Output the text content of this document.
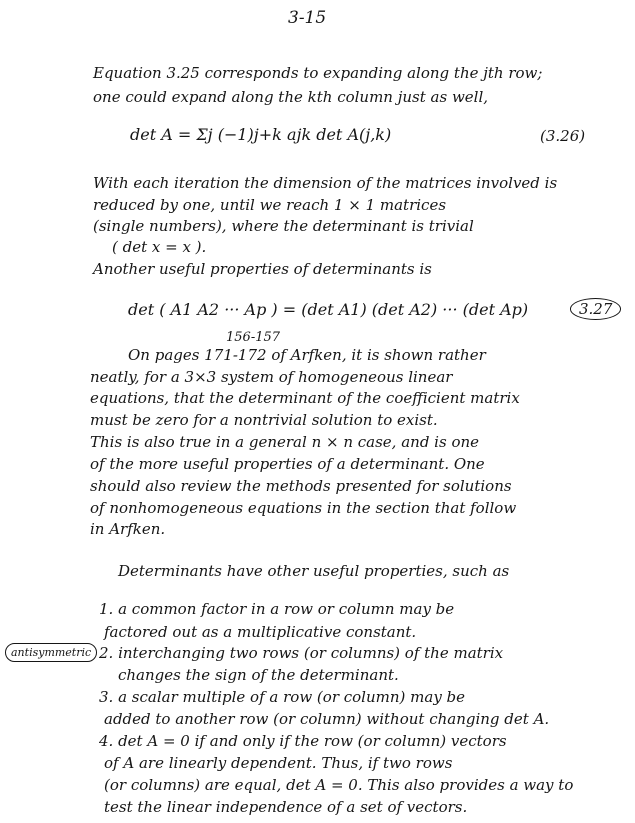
3-15
Equation 3.25 corresponds to expanding along the jth row;
one could expand along the kth column just as well,
det A = Σj (−1)j+k ajk det A(j,k)	(3.26)
With each iteration the dimension of the matrices involved is
reduced by one, until we reach 1 × 1 matrices
(single numbers), where the determinant is trivial
( det x = x ).
Another useful properties of determinants is
det ( A1 A2 ··· Ap ) = (det A1) (det A2) ··· (det Ap)	3.27
156-157
On pages 171-172 of Arfken, it is shown rather
neatly, for a 3×3 system of homogeneous linear
equations, that the determinant of the coefficient matrix
must be zero for a nontrivial solution to exist.
This is also true in a general n × n case, and is one
of the more useful properties of a determinant. One
should also review the methods presented for solutions
of nonhomogeneous equations in the section that follow
in Arfken.
Determinants have other useful properties, such as
antisymmetric
1. a common factor in a row or column may be
factored out as a multiplicative constant.
2. interchanging two rows (or columns) of the matrix
changes the sign of the determinant.
3. a scalar multiple of a row (or column) may be
added to another row (or column) without changing det A.
4. det A = 0 if and only if the row (or column) vectors
of A are linearly dependent. Thus, if two rows
(or columns) are equal, det A = 0. This also provides a way to
test the linear independence of a set of vectors.
